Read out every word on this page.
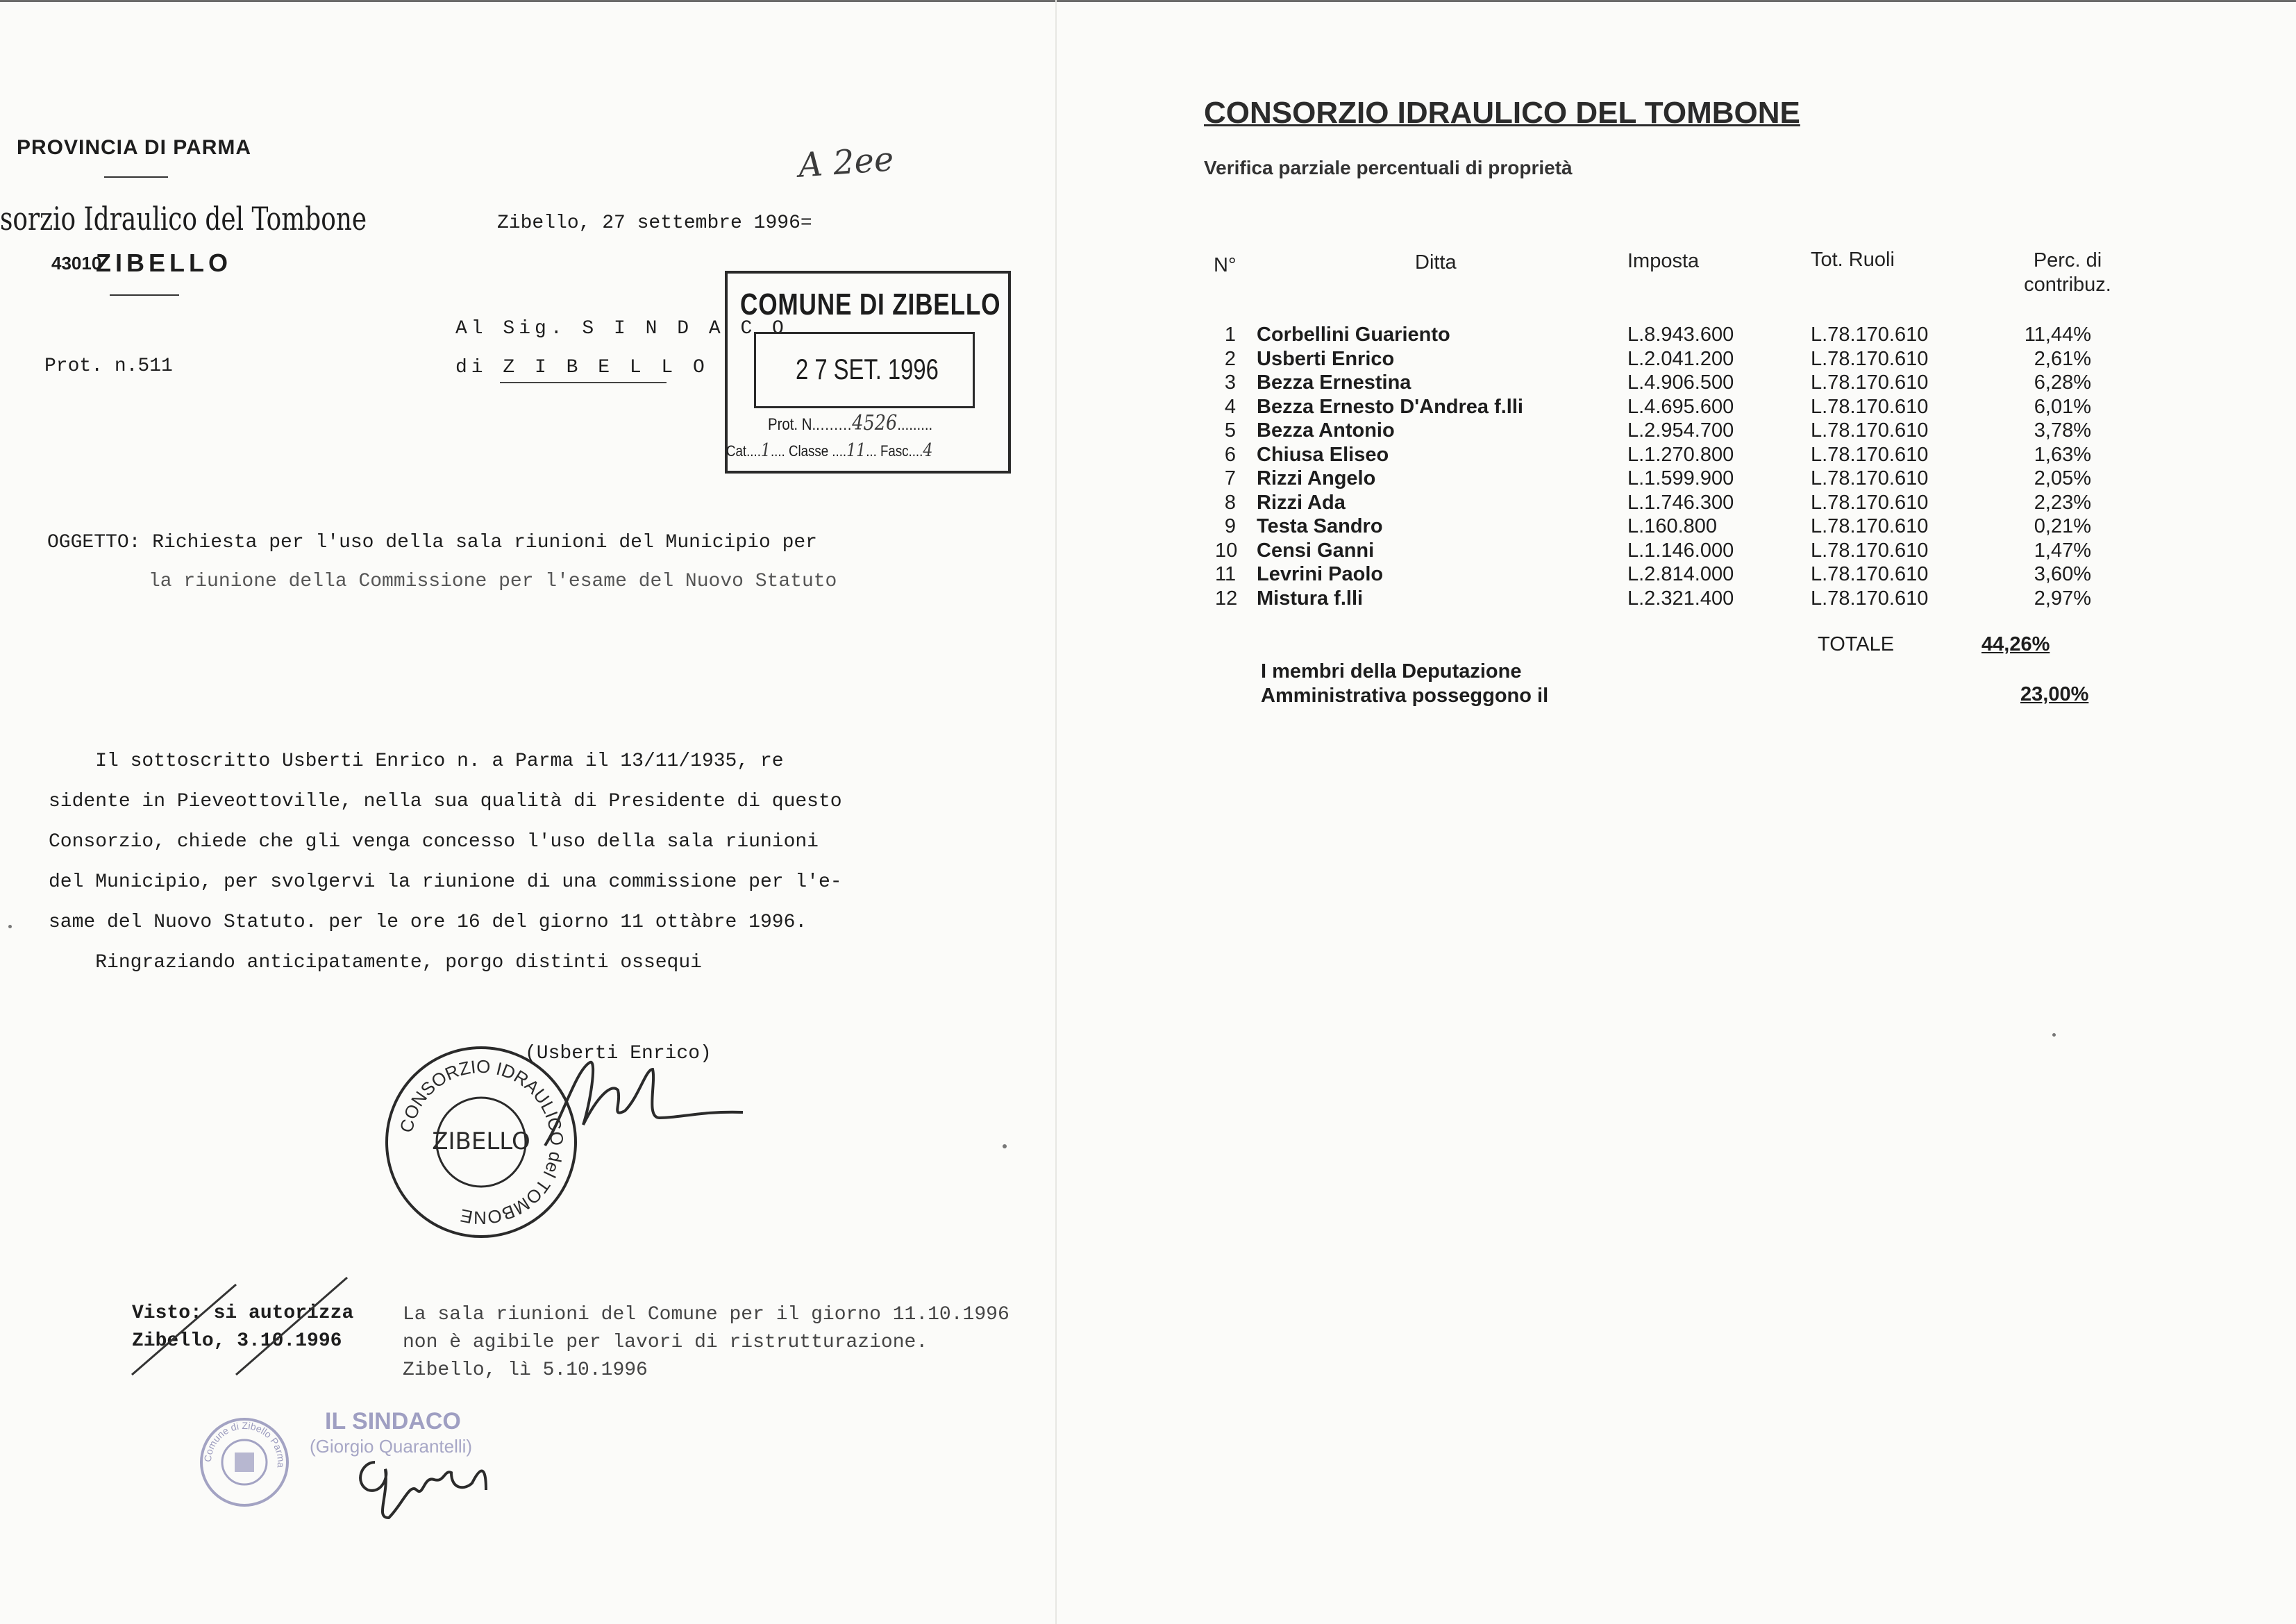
PROVINCIA DI PARMA
sorzio Idraulico del Tombone
43010
ZIBELLO
Zibello, 27 settembre 1996=
A 2ee
Al Sig. S I N D A C O
di Z I B E L L O
Prot. n.511
COMUNE DI ZIBELLO
2 7 SET. 1996
Prot. N.........4526.........
Cat....1.... Classe ....11... Fasc....4
OGGETTO: Richiesta per l'uso della sala riunioni del Municipio per
la riunione della Commissione per l'esame del Nuovo Statuto
Il sottoscritto Usberti Enrico n. a Parma il 13/11/1935, re
sidente in Pieveottoville, nella sua qualità di Presidente di questo
Consorzio, chiede che gli venga concesso l'uso della sala riunioni
del Municipio, per svolgervi la riunione di una commissione per l'e-
same del Nuovo Statuto. per le ore 16 del giorno 11 ottàbre 1996.
Ringraziando anticipatamente, porgo distinti ossequi
CONSORZIO IDRAULICO del TOMBONE
ZIBELLO
(Usberti Enrico)
Visto: si autorizza
Zibello, 3.10.1996
La sala riunioni del Comune per il giorno 11.10.1996
non è agibile per lavori di ristrutturazione.
Zibello, lì 5.10.1996
Comune di Zibello Parma
IL SINDACO
(Giorgio Quarantelli)
CONSORZIO IDRAULICO DEL TOMBONE
Verifica parziale percentuali di proprietà
N°	Ditta	Imposta	Tot. Ruoli	Perc. di
contribuz.
1 Corbellini Guariento	L.8.943.600	L.78.170.610	11,44%
2 Usberti Enrico	L.2.041.200	L.78.170.610	2,61%
3 Bezza Ernestina	L.4.906.500	L.78.170.610	6,28%
4 Bezza Ernesto D'Andrea f.lli	L.4.695.600	L.78.170.610	6,01%
5 Bezza Antonio	L.2.954.700	L.78.170.610	3,78%
6 Chiusa Eliseo	L.1.270.800	L.78.170.610	1,63%
7 Rizzi Angelo	L.1.599.900	L.78.170.610	2,05%
8 Rizzi Ada	L.1.746.300	L.78.170.610	2,23%
9 Testa Sandro	L.160.800	L.78.170.610	0,21%
10 Censi Ganni	L.1.146.000	L.78.170.610	1,47%
11 Levrini Paolo	L.2.814.000	L.78.170.610	3,60%
12 Mistura f.lli	L.2.321.400	L.78.170.610	2,97%
TOTALE	44,26%
I membri della Deputazione Amministrativa posseggono il	23,00%
